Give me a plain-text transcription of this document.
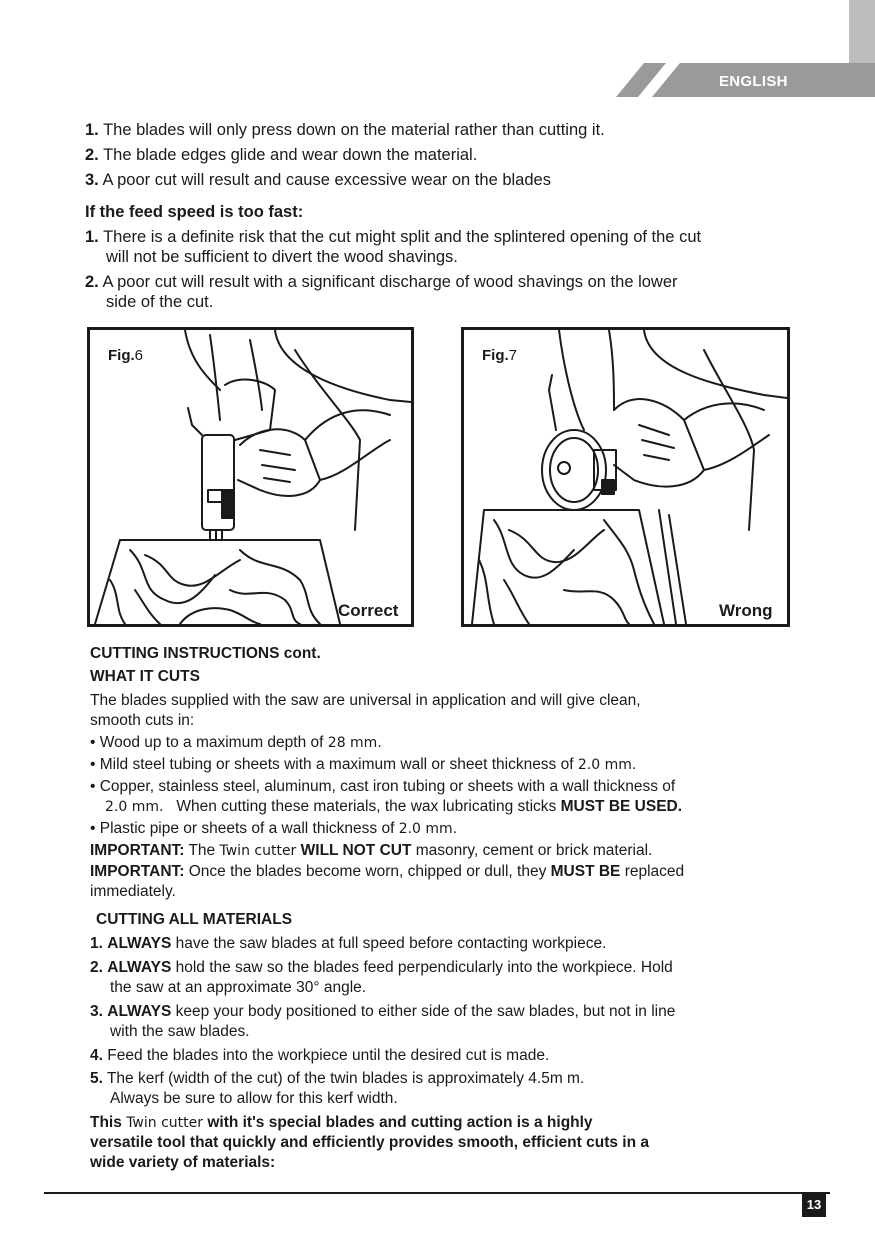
ENGLISH
1. The blades will only press down on the material rather than cutting it.
2. The blade edges glide and wear down the material.
3. A poor cut will result and cause excessive wear on the blades
If the feed speed is too fast:
1. There is a definite risk that the cut might split and the splintered opening of the cut
will not be sufficient to divert the wood shavings.
2. A poor cut will result with a significant discharge of wood shavings on the lower
side of the cut.
Fig.6
Correct
Fig.7
Wrong
CUTTING INSTRUCTIONS cont.
WHAT IT CUTS
The blades supplied with the saw are universal in application and will give clean,
smooth cuts in:
• Wood up to a maximum depth of 28 mm.
• Mild steel tubing or sheets with a maximum wall or sheet thickness of 2.0 mm.
• Copper, stainless steel, aluminum, cast iron tubing or sheets with a wall thickness of
2.0 mm. When cutting these materials, the wax lubricating sticks MUST BE USED.
• Plastic pipe or sheets of a wall thickness of 2.0 mm.
IMPORTANT: The Twin cutter WILL NOT CUT masonry, cement or brick material.
IMPORTANT: Once the blades become worn, chipped or dull, they MUST BE replaced
immediately.
CUTTING ALL MATERIALS
1. ALWAYS have the saw blades at full speed before contacting workpiece.
2. ALWAYS hold the saw so the blades feed perpendicularly into the workpiece. Hold
the saw at an approximate 30° angle.
3. ALWAYS keep your body positioned to either side of the saw blades, but not in line
with the saw blades.
4. Feed the blades into the workpiece until the desired cut is made.
5. The kerf (width of the cut) of the twin blades is approximately 4.5m m.
Always be sure to allow for this kerf width.
This Twin cutter with it's special blades and cutting action is a highly
versatile tool that quickly and efficiently provides smooth, efficient cuts in a
wide variety of materials:
13
